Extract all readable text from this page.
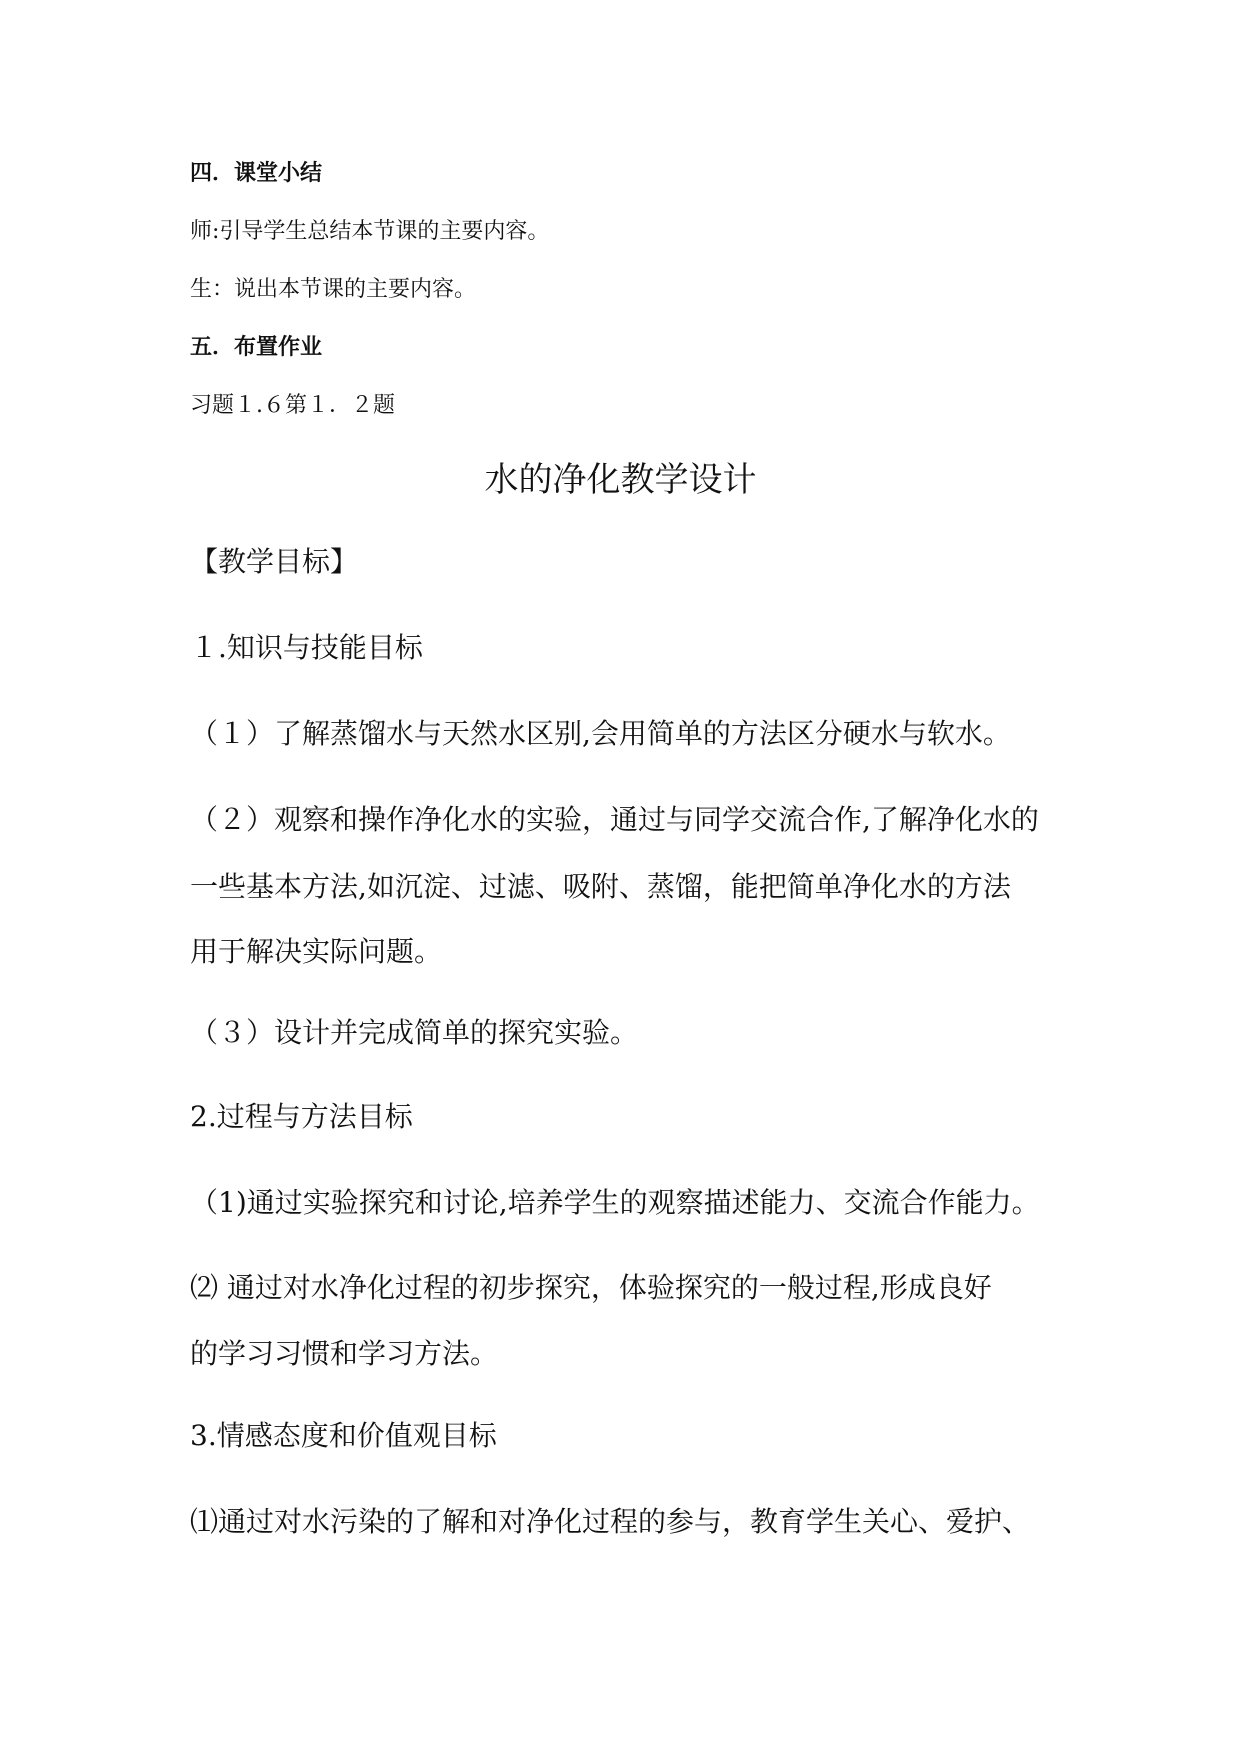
四．课堂小结

师:引导学生总结本节课的主要内容。

生：说出本节课的主要内容。

五．布置作业

习题１.６第１．２题

水的净化教学设计

【教学目标】

１.知识与技能目标

（１）了解蒸馏水与天然水区别,会用简单的方法区分硬水与软水。

（２）观察和操作净化水的实验，通过与同学交流合作,了解净化水的

一些基本方法,如沉淀、过滤、吸附、蒸馏，能把简单净化水的方法

用于解决实际问题。

（３）设计并完成简单的探究实验。

2.过程与方法目标

（1)通过实验探究和讨论,培养学生的观察描述能力、交流合作能力。

⑵ 通过对水净化过程的初步探究，体验探究的一般过程,形成良好

的学习习惯和学习方法。

3.情感态度和价值观目标

⑴通过对水污染的了解和对净化过程的参与，教育学生关心、爱护、
